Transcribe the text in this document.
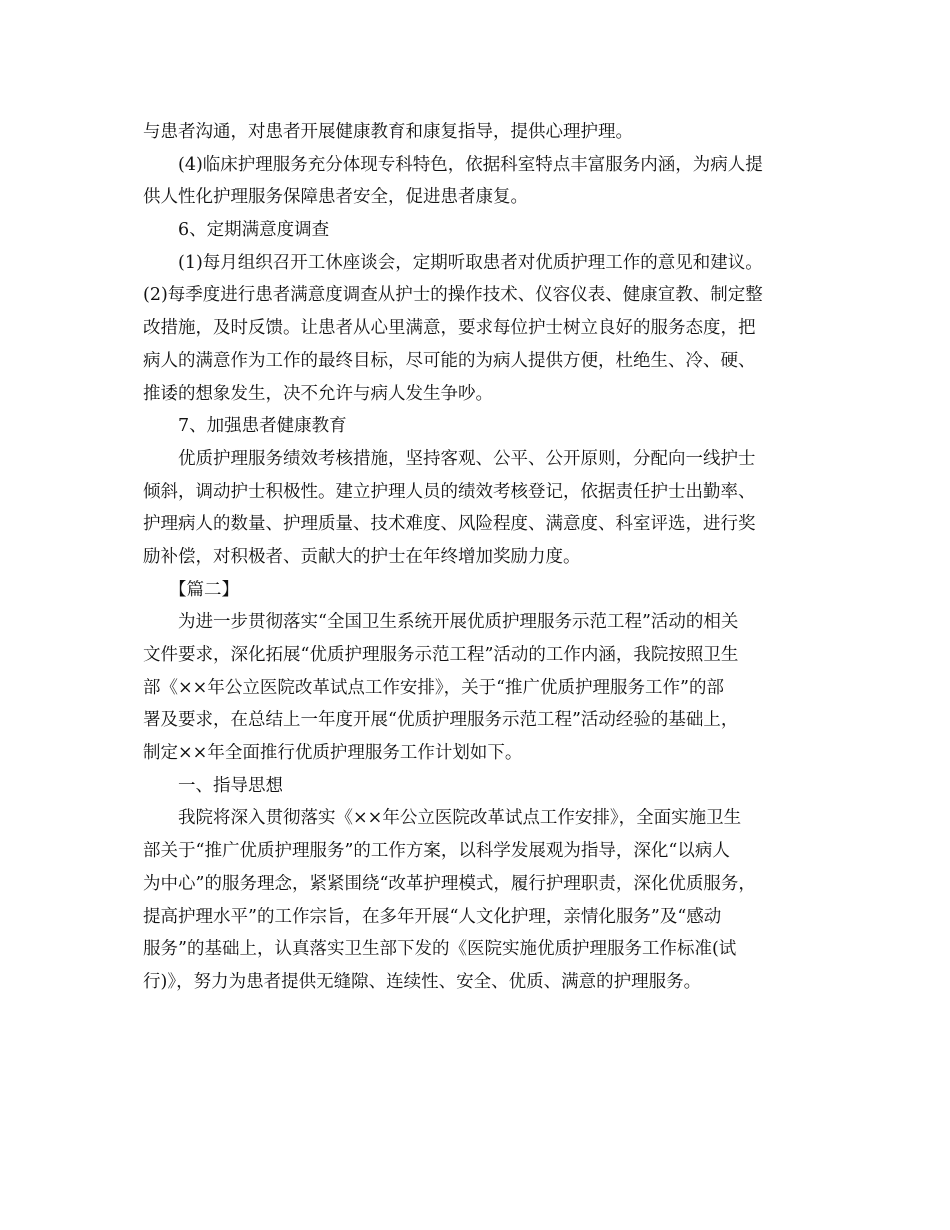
与患者沟通，对患者开展健康教育和康复指导，提供心理护理。
(4)临床护理服务充分体现专科特色，依据科室特点丰富服务内涵，为病人提
供人性化护理服务保障患者安全，促进患者康复。
6、定期满意度调查
(1)每月组织召开工休座谈会，定期听取患者对优质护理工作的意见和建议。
(2)每季度进行患者满意度调查从护士的操作技术、仪容仪表、健康宣教、制定整
改措施，及时反馈。让患者从心里满意，要求每位护士树立良好的服务态度，把
病人的满意作为工作的最终目标，尽可能的为病人提供方便，杜绝生、冷、硬、
推诿的想象发生，决不允许与病人发生争吵。
7、加强患者健康教育
优质护理服务绩效考核措施，坚持客观、公平、公开原则，分配向一线护士
倾斜，调动护士积极性。建立护理人员的绩效考核登记，依据责任护士出勤率、
护理病人的数量、护理质量、技术难度、风险程度、满意度、科室评选，进行奖
励补偿，对积极者、贡献大的护士在年终增加奖励力度。
【篇二】
为进一步贯彻落实“全国卫生系统开展优质护理服务示范工程”活动的相关
文件要求，深化拓展“优质护理服务示范工程”活动的工作内涵，我院按照卫生
部《××年公立医院改革试点工作安排》，关于“推广优质护理服务工作”的部
署及要求，在总结上一年度开展“优质护理服务示范工程”活动经验的基础上，
制定××年全面推行优质护理服务工作计划如下。
一、指导思想
我院将深入贯彻落实《××年公立医院改革试点工作安排》，全面实施卫生
部关于“推广优质护理服务”的工作方案，以科学发展观为指导，深化“以病人
为中心”的服务理念，紧紧围绕“改革护理模式，履行护理职责，深化优质服务，
提高护理水平”的工作宗旨，在多年开展“人文化护理，亲情化服务”及“感动
服务”的基础上，认真落实卫生部下发的《医院实施优质护理服务工作标准(试
行)》，努力为患者提供无缝隙、连续性、安全、优质、满意的护理服务。
